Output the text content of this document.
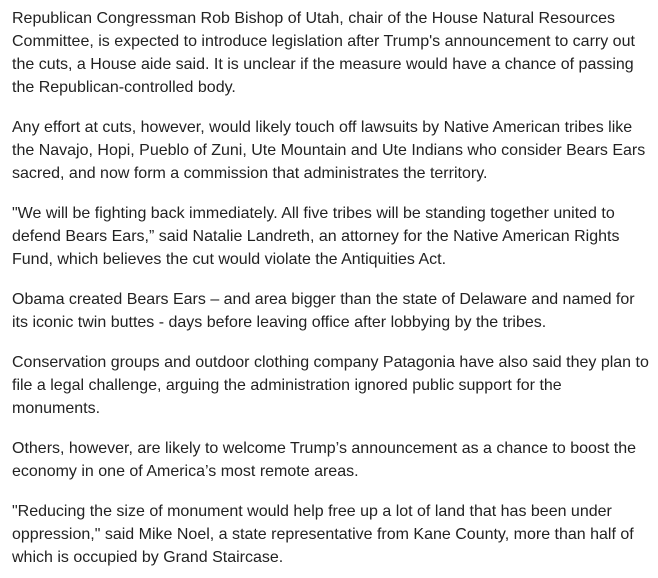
Republican Congressman Rob Bishop of Utah, chair of the House Natural Resources Committee, is expected to introduce legislation after Trump's announcement to carry out the cuts, a House aide said. It is unclear if the measure would have a chance of passing the Republican-controlled body.

Any effort at cuts, however, would likely touch off lawsuits by Native American tribes like the Navajo, Hopi, Pueblo of Zuni, Ute Mountain and Ute Indians who consider Bears Ears sacred, and now form a commission that administrates the territory.

"We will be fighting back immediately. All five tribes will be standing together united to defend Bears Ears,” said Natalie Landreth, an attorney for the Native American Rights Fund, which believes the cut would violate the Antiquities Act.

Obama created Bears Ears – and area bigger than the state of Delaware and named for its iconic twin buttes - days before leaving office after lobbying by the tribes.

Conservation groups and outdoor clothing company Patagonia have also said they plan to file a legal challenge, arguing the administration ignored public support for the monuments.

Others, however, are likely to welcome Trump’s announcement as a chance to boost the economy in one of America’s most remote areas.

"Reducing the size of monument would help free up a lot of land that has been under oppression," said Mike Noel, a state representative from Kane County, more than half of which is occupied by Grand Staircase.
